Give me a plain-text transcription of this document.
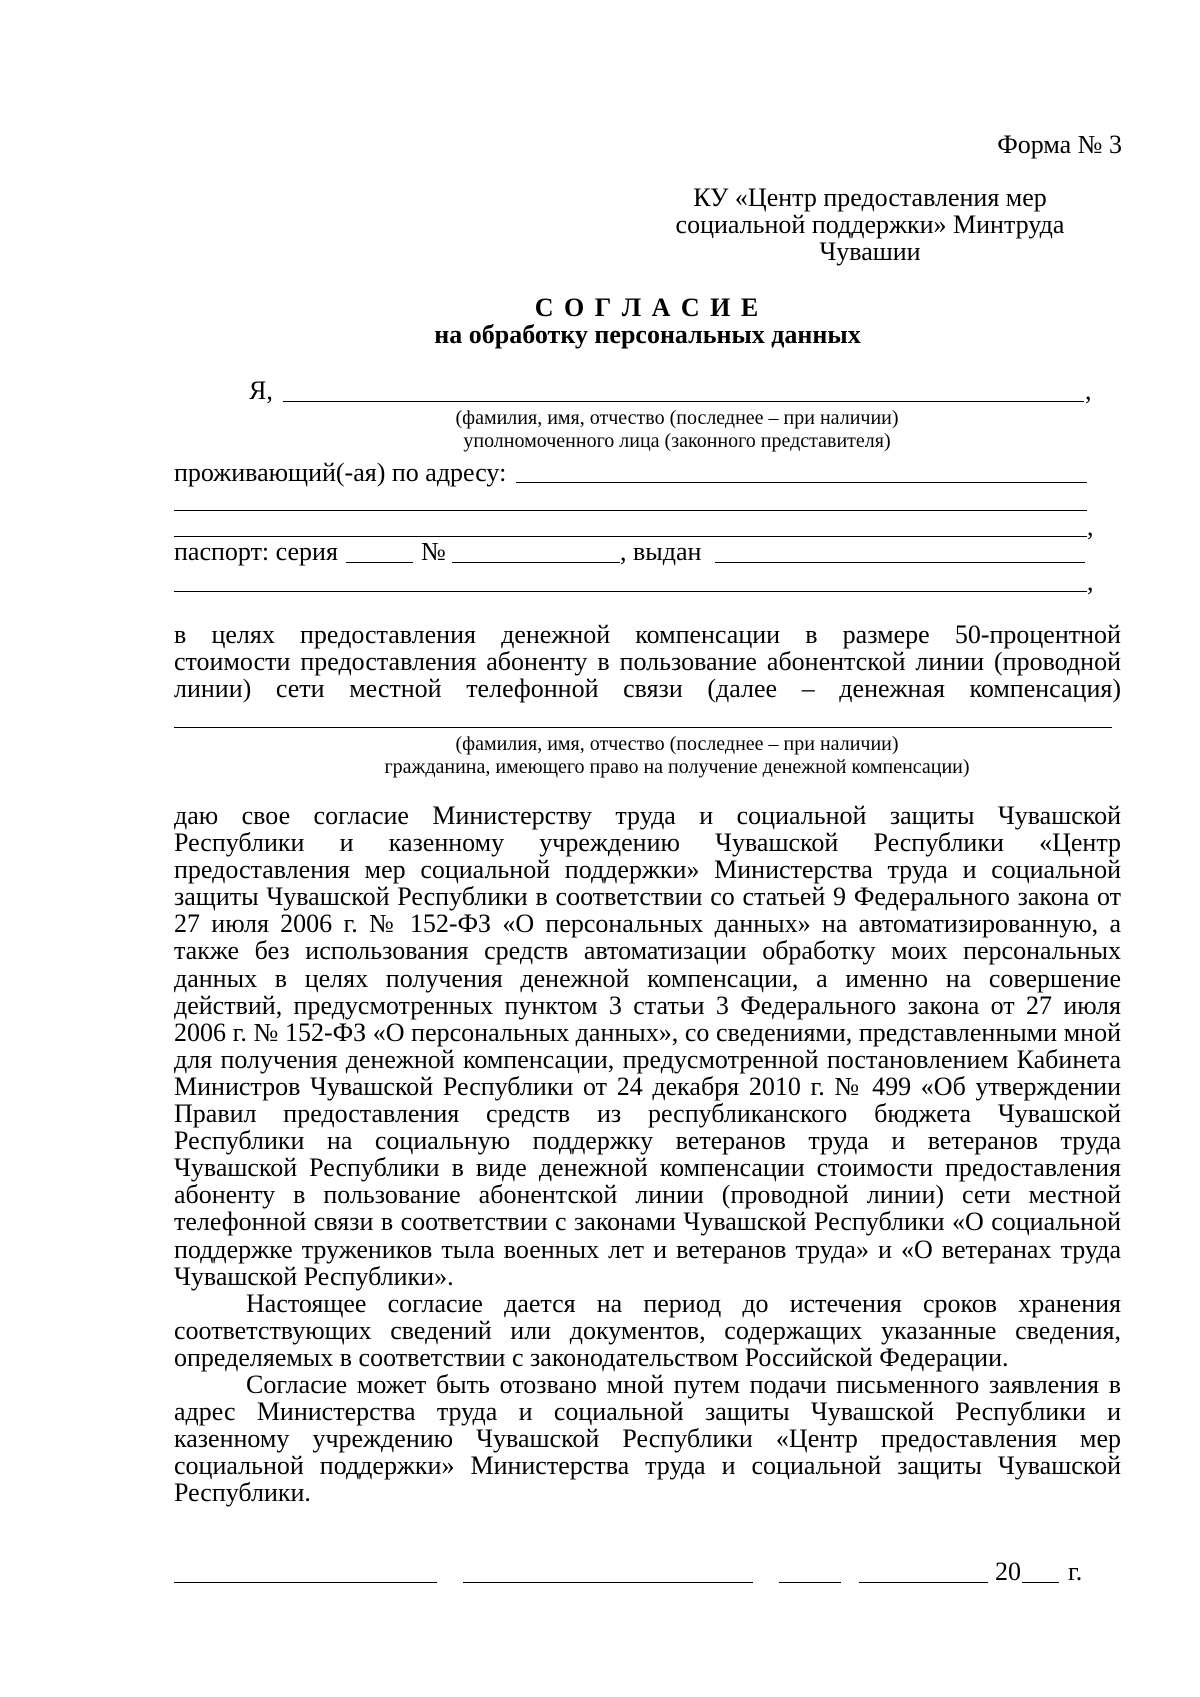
Форма № 3
КУ «Центр предоставления мер
социальной поддержки» Минтруда
Чувашии
С О Г Л А С И Е
на обработку персональных данных
Я,	,
(фамилия, имя, отчество (последнее – при наличии)
уполномоченного лица (законного представителя)
проживающий(-ая) по адресу:
,
паспорт: серия	№	, выдан
,
в целях предоставления денежной компенсации в размере 50-процентной
стоимости предоставления абоненту в пользование абонентской линии (проводной
линии) сети местной телефонной связи (далее – денежная компенсация)
(фамилия, имя, отчество (последнее – при наличии)
гражданина, имеющего право на получение денежной компенсации)

даю свое согласие Министерству труда и социальной защиты Чувашской Республики и казенному учреждению Чувашской Республики «Центр предоставления мер социальной поддержки» Министерства труда и социальной защиты Чувашской Республики в соответствии со статьей 9 Федерального закона от 27 июля 2006 г. № 152-ФЗ «О персональных данных» на автоматизированную, а также без использования средств автоматизации обработку моих персональных данных в целях получения денежной компенсации, а именно на совершение действий, предусмотренных пунктом 3 статьи 3 Федерального закона от 27 июля 2006 г. № 152-ФЗ «О персональных данных», со сведениями, представленными мной для получения денежной компенсации, предусмотренной постановлением Кабинета Министров Чувашской Республики от 24 декабря 2010 г. № 499 «Об утверждении Правил предоставления средств из республиканского бюджета Чувашской Республики на социальную поддержку ветеранов труда и ветеранов труда Чувашской Республики в виде денежной компенсации стоимости предоставления абоненту в пользование абонентской линии (проводной линии) сети местной телефонной связи в соответствии с законами Чувашской Республики «О социальной поддержке тружеников тыла военных лет и ветеранов труда» и «О ветеранах труда Чувашской Республики».

Настоящее согласие дается на период до истечения сроков хранения соответствующих сведений или документов, содержащих указанные сведения, определяемых в соответствии с законодательством Российской Федерации.

Согласие может быть отозвано мной путем подачи письменного заявления в адрес Министерства труда и социальной защиты Чувашской Республики и казенному учреждению Чувашской Республики «Центр предоставления мер социальной поддержки» Министерства труда и социальной защиты Чувашской Республики.

20 г.
